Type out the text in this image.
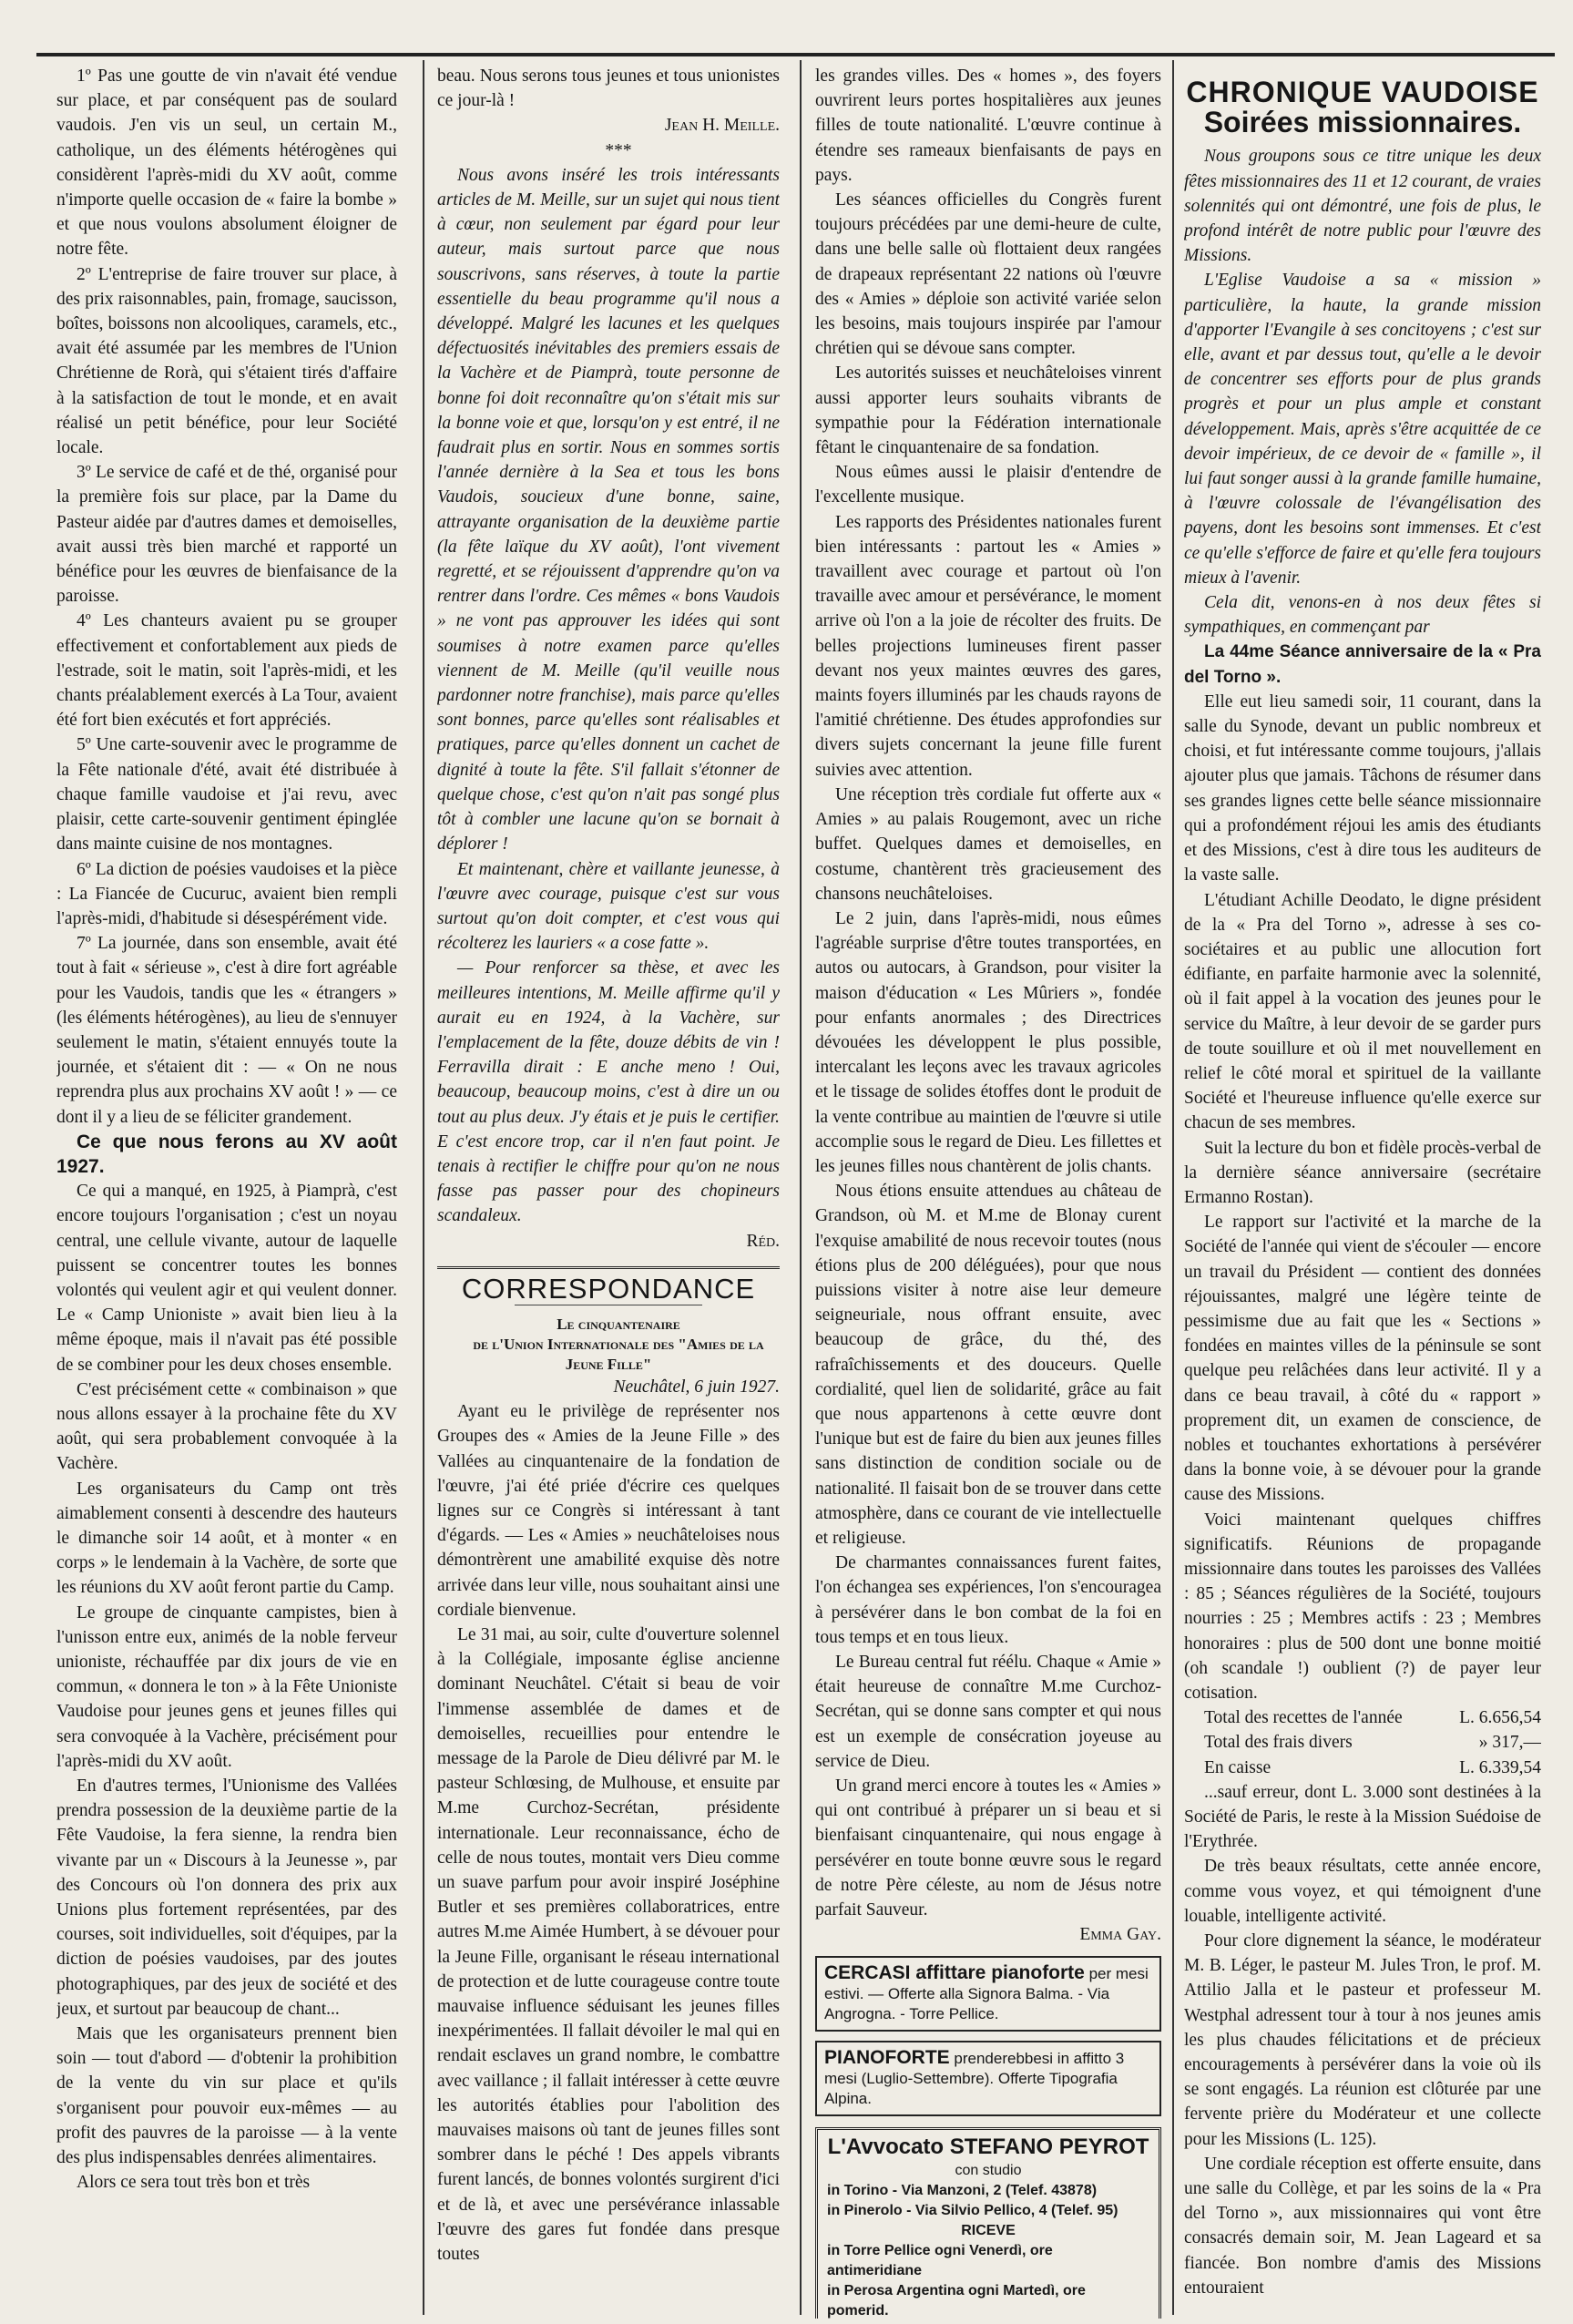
1º Pas une goutte de vin n'avait été vendue sur place, et par conséquent pas de soulard vaudois. J'en vis un seul, un certain M., catholique, un des éléments hétérogènes qui considèrent l'après-midi du XV août, comme n'importe quelle occasion de « faire la bombe » et que nous voulons absolument éloigner de notre fête.

2º L'entreprise de faire trouver sur place, à des prix raisonnables, pain, fromage, saucisson, boîtes, boissons non alcooliques, caramels, etc., avait été assumée par les membres de l'Union Chrétienne de Rorà, qui s'étaient tirés d'affaire à la satisfaction de tout le monde, et en avait réalisé un petit bénéfice, pour leur Société locale.

3º Le service de café et de thé, organisé pour la première fois sur place, par la Dame du Pasteur aidée par d'autres dames et demoiselles, avait aussi très bien marché et rapporté un bénéfice pour les œuvres de bienfaisance de la paroisse.

4º Les chanteurs avaient pu se grouper effectivement et confortablement aux pieds de l'estrade, soit le matin, soit l'après-midi, et les chants préalablement exercés à La Tour, avaient été fort bien exécutés et fort appréciés.

5º Une carte-souvenir avec le programme de la Fête nationale d'été, avait été distribuée à chaque famille vaudoise et j'ai revu, avec plaisir, cette carte-souvenir gentiment épinglée dans mainte cuisine de nos montagnes.

6º La diction de poésies vaudoises et la pièce : La Fiancée de Cucuruc, avaient bien rempli l'après-midi, d'habitude si désespérément vide.

7º La journée, dans son ensemble, avait été tout à fait « sérieuse », c'est à dire fort agréable pour les Vaudois, tandis que les « étrangers » (les éléments hétérogènes), au lieu de s'ennuyer seulement le matin, s'étaient ennuyés toute la journée, et s'étaient dit : — « On ne nous reprendra plus aux prochains XV août ! » — ce dont il y a lieu de se féliciter grandement.

Ce que nous ferons au XV août 1927.

Ce qui a manqué, en 1925, à Piamprà, c'est encore toujours l'organisation ; c'est un noyau central, une cellule vivante, autour de laquelle puissent se concentrer toutes les bonnes volontés qui veulent agir et qui veulent donner. Le « Camp Unioniste » avait bien lieu à la même époque, mais il n'avait pas été possible de se combiner pour les deux choses ensemble.

C'est précisément cette « combinaison » que nous allons essayer à la prochaine fête du XV août, qui sera probablement convoquée à la Vachère.

Les organisateurs du Camp ont très aimablement consenti à descendre des hauteurs le dimanche soir 14 août, et à monter « en corps » le lendemain à la Vachère, de sorte que les réunions du XV août feront partie du Camp.

Le groupe de cinquante campistes, bien à l'unisson entre eux, animés de la noble ferveur unioniste, réchauffée par dix jours de vie en commun, « donnera le ton » à la Fête Unioniste Vaudoise pour jeunes gens et jeunes filles qui sera convoquée à la Vachère, précisément pour l'après-midi du XV août.

En d'autres termes, l'Unionisme des Vallées prendra possession de la deuxième partie de la Fête Vaudoise, la fera sienne, la rendra bien vivante par un « Discours à la Jeunesse », par des Concours où l'on donnera des prix aux Unions plus fortement représentées, par des courses, soit individuelles, soit d'équipes, par la diction de poésies vaudoises, par des joutes photographiques, par des jeux de société et des jeux, et surtout par beaucoup de chant...

Mais que les organisateurs prennent bien soin — tout d'abord — d'obtenir la prohibition de la vente du vin sur place et qu'ils s'organisent pour pouvoir eux-mêmes — au profit des pauvres de la paroisse — à la vente des plus indispensables denrées alimentaires.

Alors ce sera tout très bon et très

beau. Nous serons tous jeunes et tous unionistes ce jour-là !

Jean H. Meille.

***

Nous avons inséré les trois intéressants articles de M. Meille, sur un sujet qui nous tient à cœur, non seulement par égard pour leur auteur, mais surtout parce que nous souscrivons, sans réserves, à toute la partie essentielle du beau programme qu'il nous a développé. Malgré les lacunes et les quelques défectuosités inévitables des premiers essais de la Vachère et de Piamprà, toute personne de bonne foi doit reconnaître qu'on s'était mis sur la bonne voie et que, lorsqu'on y est entré, il ne faudrait plus en sortir. Nous en sommes sortis l'année dernière à la Sea et tous les bons Vaudois, soucieux d'une bonne, saine, attrayante organisation de la deuxième partie (la fête laïque du XV août), l'ont vivement regretté, et se réjouissent d'apprendre qu'on va rentrer dans l'ordre. Ces mêmes « bons Vaudois » ne vont pas approuver les idées qui sont soumises à notre examen parce qu'elles viennent de M. Meille (qu'il veuille nous pardonner notre franchise), mais parce qu'elles sont bonnes, parce qu'elles sont réalisables et pratiques, parce qu'elles donnent un cachet de dignité à toute la fête. S'il fallait s'étonner de quelque chose, c'est qu'on n'ait pas songé plus tôt à combler une lacune qu'on se bornait à déplorer !

Et maintenant, chère et vaillante jeunesse, à l'œuvre avec courage, puisque c'est sur vous surtout qu'on doit compter, et c'est vous qui récolterez les lauriers « a cose fatte ».

— Pour renforcer sa thèse, et avec les meilleures intentions, M. Meille affirme qu'il y aurait eu en 1924, à la Vachère, sur l'emplacement de la fête, douze débits de vin ! Ferravilla dirait : E anche meno ! Oui, beaucoup, beaucoup moins, c'est à dire un ou tout au plus deux. J'y étais et je puis le certifier. E c'est encore trop, car il n'en faut point. Je tenais à rectifier le chiffre pour qu'on ne nous fasse pas passer pour des chopineurs scandaleux.

Réd.

CORRESPONDANCE

Le cinquantenaire

de l'Union Internationale des "Amies de la Jeune Fille"

Neuchâtel, 6 juin 1927.

Ayant eu le privilège de représenter nos Groupes des « Amies de la Jeune Fille » des Vallées au cinquantenaire de la fondation de l'œuvre, j'ai été priée d'écrire ces quelques lignes sur ce Congrès si intéressant à tant d'égards. — Les « Amies » neuchâteloises nous démontrèrent une amabilité exquise dès notre arrivée dans leur ville, nous souhaitant ainsi une cordiale bienvenue.

Le 31 mai, au soir, culte d'ouverture solennel à la Collégiale, imposante église ancienne dominant Neuchâtel. C'était si beau de voir l'immense assemblée de dames et de demoiselles, recueillies pour entendre le message de la Parole de Dieu délivré par M. le pasteur Schlœsing, de Mulhouse, et ensuite par M.me Curchoz-Secrétan, présidente internationale. Leur reconnaissance, écho de celle de nous toutes, montait vers Dieu comme un suave parfum pour avoir inspiré Joséphine Butler et ses premières collaboratrices, entre autres M.me Aimée Humbert, à se dévouer pour la Jeune Fille, organisant le réseau international de protection et de lutte courageuse contre toute mauvaise influence séduisant les jeunes filles inexpérimentées. Il fallait dévoiler le mal qui en rendait esclaves un grand nombre, le combattre avec vaillance ; il fallait intéresser à cette œuvre les autorités établies pour l'abolition des mauvaises maisons où tant de jeunes filles sont sombrer dans le péché ! Des appels vibrants furent lancés, de bonnes volontés surgirent d'ici et de là, et avec une persévérance inlassable l'œuvre des gares fut fondée dans presque toutes

les grandes villes. Des « homes », des foyers ouvrirent leurs portes hospitalières aux jeunes filles de toute nationalité. L'œuvre continue à étendre ses rameaux bienfaisants de pays en pays.

Les séances officielles du Congrès furent toujours précédées par une demi-heure de culte, dans une belle salle où flottaient deux rangées de drapeaux représentant 22 nations où l'œuvre des « Amies » déploie son activité variée selon les besoins, mais toujours inspirée par l'amour chrétien qui se dévoue sans compter.

Les autorités suisses et neuchâteloises vinrent aussi apporter leurs souhaits vibrants de sympathie pour la Fédération internationale fêtant le cinquantenaire de sa fondation.

Nous eûmes aussi le plaisir d'entendre de l'excellente musique.

Les rapports des Présidentes nationales furent bien intéressants : partout les « Amies » travaillent avec courage et partout où l'on travaille avec amour et persévérance, le moment arrive où l'on a la joie de récolter des fruits. De belles projections lumineuses firent passer devant nos yeux maintes œuvres des gares, maints foyers illuminés par les chauds rayons de l'amitié chrétienne. Des études approfondies sur divers sujets concernant la jeune fille furent suivies avec attention.

Une réception très cordiale fut offerte aux « Amies » au palais Rougemont, avec un riche buffet. Quelques dames et demoiselles, en costume, chantèrent très gracieusement des chansons neuchâteloises.

Le 2 juin, dans l'après-midi, nous eûmes l'agréable surprise d'être toutes transportées, en autos ou autocars, à Grandson, pour visiter la maison d'éducation « Les Mûriers », fondée pour enfants anormales ; des Directrices dévouées les développent le plus possible, intercalant les leçons avec les travaux agricoles et le tissage de solides étoffes dont le produit de la vente contribue au maintien de l'œuvre si utile accomplie sous le regard de Dieu. Les fillettes et les jeunes filles nous chantèrent de jolis chants.

Nous étions ensuite attendues au château de Grandson, où M. et M.me de Blonay curent l'exquise amabilité de nous recevoir toutes (nous étions plus de 200 déléguées), pour que nous puissions visiter à notre aise leur demeure seigneuriale, nous offrant ensuite, avec beaucoup de grâce, du thé, des rafraîchissements et des douceurs. Quelle cordialité, quel lien de solidarité, grâce au fait que nous appartenons à cette œuvre dont l'unique but est de faire du bien aux jeunes filles sans distinction de condition sociale ou de nationalité. Il faisait bon de se trouver dans cette atmosphère, dans ce courant de vie intellectuelle et religieuse.

De charmantes connaissances furent faites, l'on échangea ses expériences, l'on s'encouragea à persévérer dans le bon combat de la foi en tous temps et en tous lieux.

Le Bureau central fut réélu. Chaque « Amie » était heureuse de connaître M.me Curchoz-Secrétan, qui se donne sans compter et qui nous est un exemple de consécration joyeuse au service de Dieu.

Un grand merci encore à toutes les « Amies » qui ont contribué à préparer un si beau et si bienfaisant cinquantenaire, qui nous engage à persévérer en toute bonne œuvre sous le regard de notre Père céleste, au nom de Jésus notre parfait Sauveur.

Emma Gay.

CERCASI affittare pianoforte per mesi estivi. — Offerte alla Signora Balma. - Via Angrogna. - Torre Pellice.
PIANOFORTE prenderebbesi in affitto 3 mesi (Luglio-Settembre). Offerte Tipografia Alpina.
L'Avvocato STEFANO PEYROT
con studio
in Torino - Via Manzoni, 2 (Telef. 43878)
in Pinerolo - Via Silvio Pellico, 4 (Telef. 95)
RICEVE
in Torre Pellice ogni Venerdì, ore antimeridiane
in Perosa Argentina ogni Martedì, ore pomerid.
CHRONIQUE VAUDOISE
Soirées missionnaires.

Nous groupons sous ce titre unique les deux fêtes missionnaires des 11 et 12 courant, de vraies solennités qui ont démontré, une fois de plus, le profond intérêt de notre public pour l'œuvre des Missions.

L'Eglise Vaudoise a sa « mission » particulière, la haute, la grande mission d'apporter l'Evangile à ses concitoyens ; c'est sur elle, avant et par dessus tout, qu'elle a le devoir de concentrer ses efforts pour de plus grands progrès et pour un plus ample et constant développement. Mais, après s'être acquittée de ce devoir impérieux, de ce devoir de « famille », il lui faut songer aussi à la grande famille humaine, à l'œuvre colossale de l'évangélisation des payens, dont les besoins sont immenses. Et c'est ce qu'elle s'efforce de faire et qu'elle fera toujours mieux à l'avenir.

Cela dit, venons-en à nos deux fêtes si sympathiques, en commençant par

La 44me Séance anniversaire de la « Pra del Torno ».

Elle eut lieu samedi soir, 11 courant, dans la salle du Synode, devant un public nombreux et choisi, et fut intéressante comme toujours, j'allais ajouter plus que jamais. Tâchons de résumer dans ses grandes lignes cette belle séance missionnaire qui a profondément réjoui les amis des étudiants et des Missions, c'est à dire tous les auditeurs de la vaste salle.

L'étudiant Achille Deodato, le digne président de la « Pra del Torno », adresse à ses co-sociétaires et au public une allocution fort édifiante, en parfaite harmonie avec la solennité, où il fait appel à la vocation des jeunes pour le service du Maître, à leur devoir de se garder purs de toute souillure et où il met nouvellement en relief le côté moral et spirituel de la vaillante Société et l'heureuse influence qu'elle exerce sur chacun de ses membres.

Suit la lecture du bon et fidèle procès-verbal de la dernière séance anniversaire (secrétaire Ermanno Rostan).

Le rapport sur l'activité et la marche de la Société de l'année qui vient de s'écouler — encore un travail du Président — contient des données réjouissantes, malgré une légère teinte de pessimisme due au fait que les « Sections » fondées en maintes villes de la péninsule se sont quelque peu relâchées dans leur activité. Il y a dans ce beau travail, à côté du « rapport » proprement dit, un examen de conscience, de nobles et touchantes exhortations à persévérer dans la bonne voie, à se dévouer pour la grande cause des Missions.

Voici maintenant quelques chiffres significatifs. Réunions de propagande missionnaire dans toutes les paroisses des Vallées : 85 ; Séances régulières de la Société, toujours nourries : 25 ; Membres actifs : 23 ; Membres honoraires : plus de 500 dont une bonne moitié (oh scandale !) oublient (?) de payer leur cotisation.

Total des recettes de l'année	L. 6.656,54

Total des frais divers	» 317,—

En caisse	L. 6.339,54

...sauf erreur, dont L. 3.000 sont destinées à la Société de Paris, le reste à la Mission Suédoise de l'Erythrée.

De très beaux résultats, cette année encore, comme vous voyez, et qui témoignent d'une louable, intelligente activité.

Pour clore dignement la séance, le modérateur M. B. Léger, le pasteur M. Jules Tron, le prof. M. Attilio Jalla et le pasteur et professeur M. Westphal adressent tour à tour à nos jeunes amis les plus chaudes félicitations et de précieux encouragements à persévérer dans la voie où ils se sont engagés. La réunion est clôturée par une fervente prière du Modérateur et une collecte pour les Missions (L. 125).

Une cordiale réception est offerte ensuite, dans une salle du Collège, et par les soins de la « Pra del Torno », aux missionnaires qui vont être consacrés demain soir, M. Jean Lageard et sa fiancée. Bon nombre d'amis des Missions entouraient
